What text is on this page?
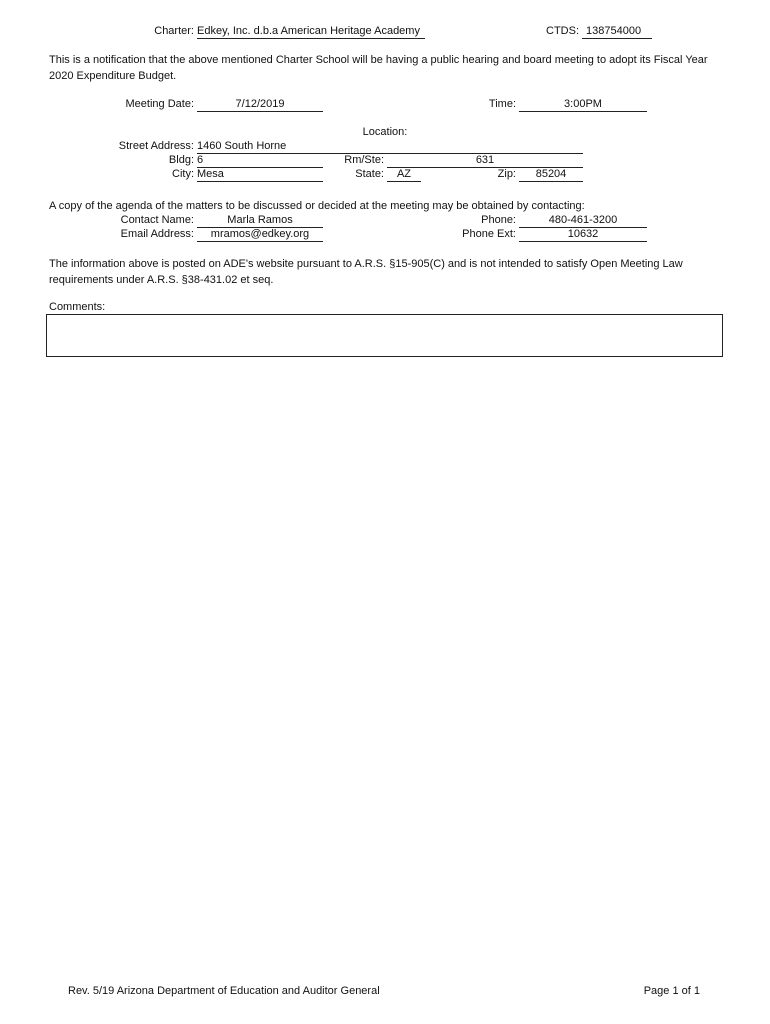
Charter: Edkey, Inc. d.b.a American Heritage Academy	CTDS: 138754000
This is a notification that the above mentioned Charter School will be having a public hearing and board meeting to adopt its Fiscal Year 2020 Expenditure Budget.
Meeting Date:	7/12/2019	Time:	3:00PM
Location:
Street Address: 1460 South Horne
Bldg: 6	Rm/Ste:	631
City: Mesa	State:	AZ	Zip:	85204
A copy of the agenda of the matters to be discussed or decided at the meeting may be obtained by contacting:
Contact Name:	Marla Ramos	Phone:	480-461-3200
Email Address:	mramos@edkey.org	Phone Ext:	10632
The information above is posted on ADE's website pursuant to A.R.S. §15-905(C) and is not intended to satisfy Open Meeting Law requirements under A.R.S. §38-431.02 et seq.
Comments:
Rev. 5/19 Arizona Department of Education and Auditor General	Page 1 of 1
